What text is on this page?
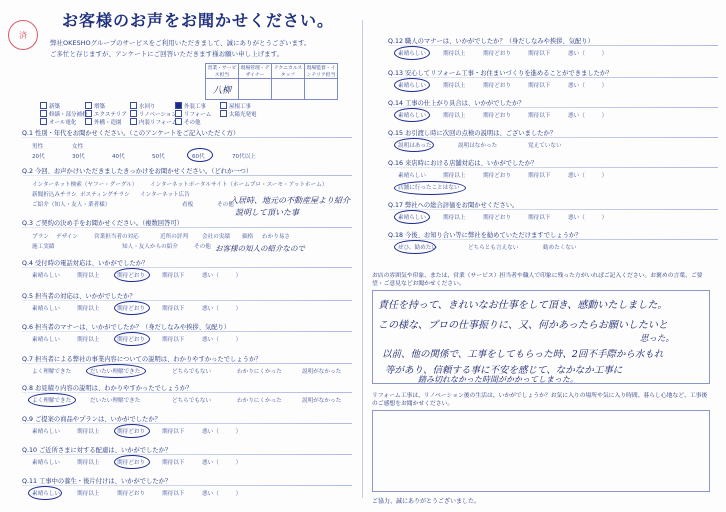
済
お客様のお声をお聞かせください。
弊社OKESHOグループのサービスをご利用いただきまして、誠にありがとうございます。
ご多忙と存じますが、アンケートにご回答いただきます様お願い申し上げます。
営業・サービス担当	現場管理・デザイナー	テクニカルスタッフ	現場監督・インテリア担当
八柳			
新築	増築	水回り	外装工事	屋根工事
修繕・部分補修	エクステリア	リノベーション	リフォーム	太陽光発電
オール電化	外構・造園	内装リフォーム	その他
Q.1 性別・年代をお聞かせください。（このアンケートをご記入いただく方）
男性	女性
20代	30代	40代	50代	60代	70代以上
Q.2 今回、お声かけいただきましたきっかけをお聞かせください。（どれか一つ）
インターネット検索（ヤフー・グーグル） インターネットポータルサイト（ホームプロ・スーモ・アットホーム）
新聞折込みチラシ ポスティングチラシ インターネット広告
ご紹介（知人・友人・業者様）	看板	その他
入居時、地元の不動産屋より紹介
説明して頂いた事
Q.3 ご契約の決め手をお聞かせください。（複数回答可）
プラン デザイン	営業担当者の対応	近所の評判	会社の実績 価格 わかり易さ
施工実績	知人・友人からの紹介	その他 お客様の知人の紹介なので
Q.4 受付時の電話対応は、いかがでしたか？
素晴らしい	期待以上	期待どおり	期待以下	悪い（　　　）
Q.5 担当者の対応は、いかがでしたか？
素晴らしい	期待以上	期待どおり	期待以下	悪い（　　　）
Q.6 担当者のマナーは、いかがでしたか？（身だしなみや挨拶、気配り）
素晴らしい	期待以上	期待どおり	期待以下	悪い（　　　）
Q.7 担当者による弊社の事業内容についての説明は、わかりやすかったでしょうか？
よく理解できた	だいたい理解できた	どちらでもない	わかりにくかった	説明がなかった
Q.8 お見積り内容の説明は、わかりやすかったでしょうか？
よく理解できた	だいたい理解できた	どちらでもない	わかりにくかった	説明がなかった
Q.9 ご提案の商品やプランは、いかがでしたか？
素晴らしい	期待以上	期待どおり	期待以下	悪い（　　　）
Q.10 ご近所さまに対する配慮は、いかがでしたか？
素晴らしい	期待以上	期待どおり	期待以下	悪い（　　　）
Q.11 工事中の養生・後片付けは、いかがでしたか？
素晴らしい	期待以上	期待どおり	期待以下	悪い（　　　）
Q.12 職人のマナーは、いかがでしたか？（身だしなみや挨拶、気配り）
素晴らしい	期待以上	期待どおり	期待以下	悪い（　　　）
Q.13 安心してリフォーム工事・お住まいづくりを進めることができましたか？
素晴らしい	期待以上	期待どおり	期待以下	悪い（　　　）
Q.14 工事の仕上がり具合は、いかがでしたか？
素晴らしい	期待以上	期待どおり	期待以下	悪い（　　　）
Q.15 お引渡し時に次回の点検の説明は、ございましたか？
説明はあった	説明はなかった	覚えていない
Q.16 来店時における店舗対応は、いかがでしたか？
素晴らしい	期待以上	期待どおり	期待以下	悪い（　　　）
店舗に行ったことはない
Q.17 弊社への総合評価をお聞かせください。
素晴らしい	期待以上	期待どおり	期待以下	悪い（　　　）
Q.18 今後、お知り合い等に弊社を勧めていただけますでしょうか？
ぜひ、勧めたい	どちらとも言えない	勧めたくない
お店の雰囲気や印象、または、営業（サービス）担当者や職人で印象に残った方がいればご記入ください。お褒めの言葉、ご要望・ご意見などお聞かせください。
責任を持って、きれいなお仕事をして頂き、感動いたしました。
この様な、プロの仕事振りに、又、何かあったらお願いしたいと
思った。
以前、他の関係で、工事をしてもらった時、2回不手際から水もれ
等があり、信頼する事に不安を感じて、なかなか工事に
踏み切れなかった時間がかかってしまった。
リフォーム工事は、リノベーション後の生活は、いかがでしょうか？お気に入りの場所や気に入り時間、暮らし心地など、工事後のご感想をお聞かせください。
ご協力、誠にありがとうございました。
